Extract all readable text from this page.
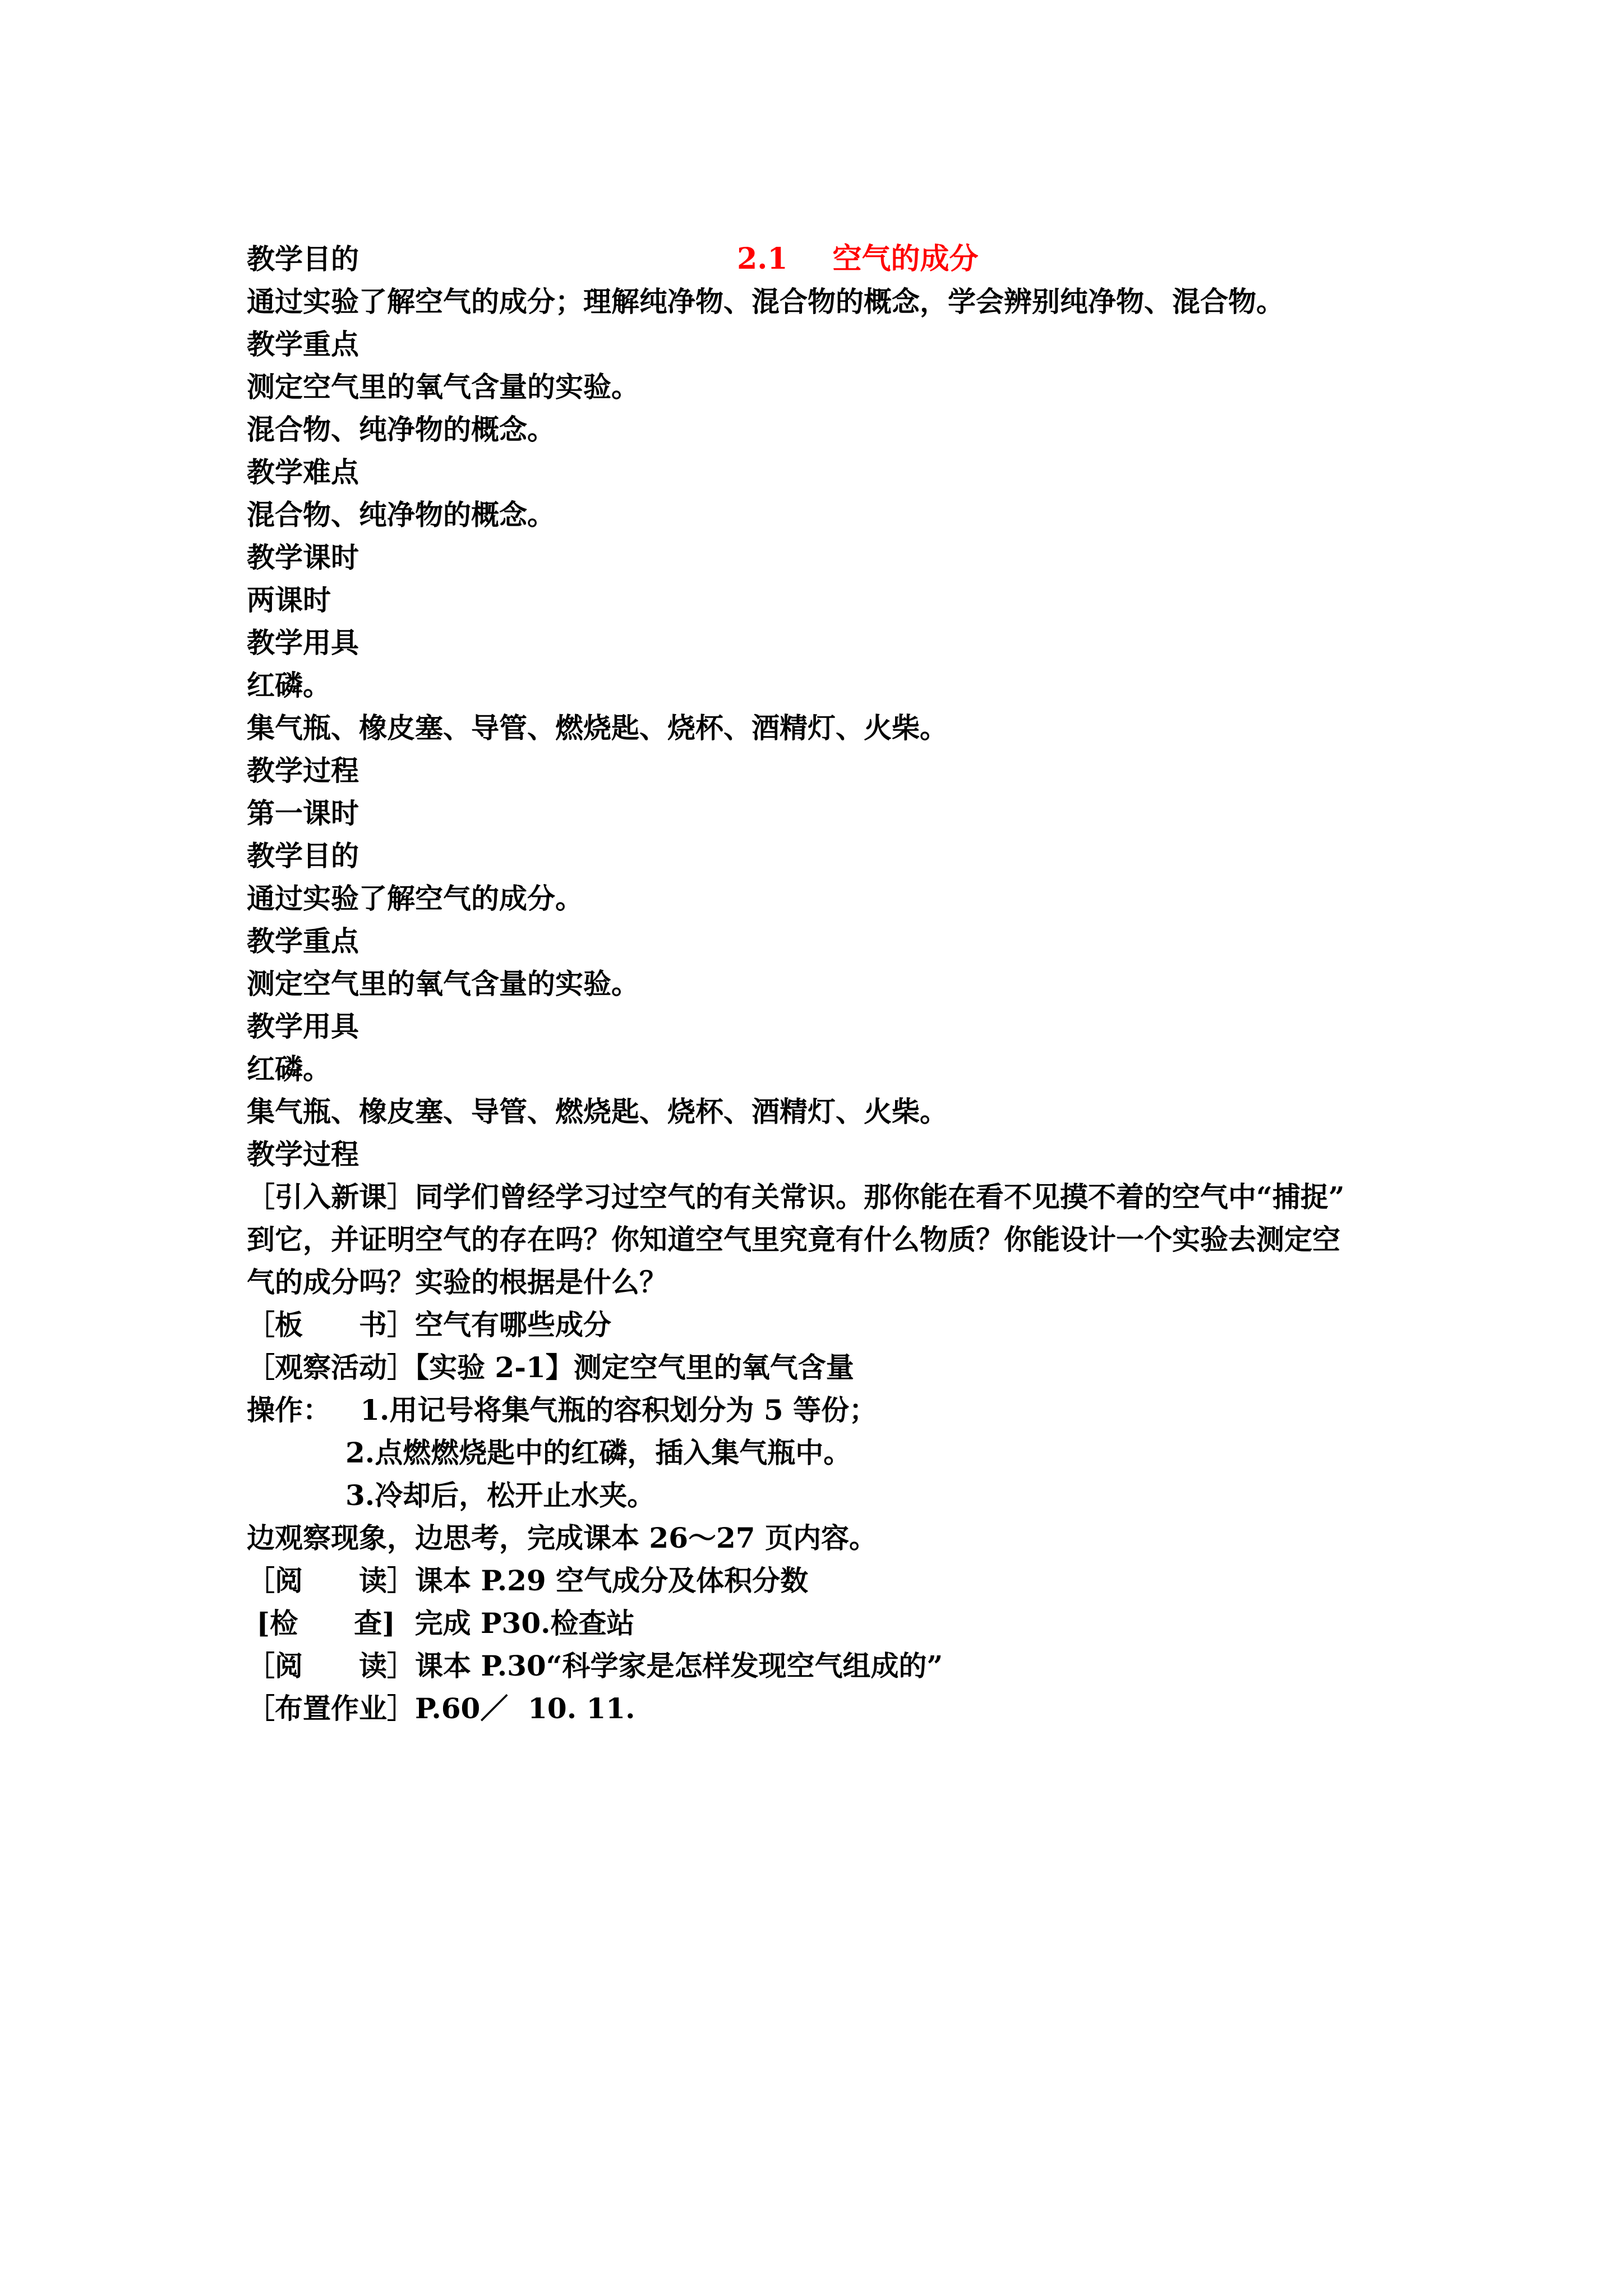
2.1 空气的成分

教学目的
通过实验了解空气的成分；理解纯净物、混合物的概念，学会辨别纯净物、混合物。
教学重点
测定空气里的氧气含量的实验。
混合物、纯净物的概念。
教学难点
混合物、纯净物的概念。
教学课时
两课时
教学用具
红磷。
集气瓶、橡皮塞、导管、燃烧匙、烧杯、酒精灯、火柴。
教学过程
第一课时
教学目的
通过实验了解空气的成分。
教学重点
测定空气里的氧气含量的实验。
教学用具
红磷。
集气瓶、橡皮塞、导管、燃烧匙、烧杯、酒精灯、火柴。
教学过程
［引入新课］同学们曾经学习过空气的有关常识。那你能在看不见摸不着的空气中“捕捉”
到它，并证明空气的存在吗？你知道空气里究竟有什么物质？你能设计一个实验去测定空
气的成分吗？实验的根据是什么？
［板　　书］空气有哪些成分
［观察活动］【实验 2-1】测定空气里的氧气含量
操作： 1.用记号将集气瓶的容积划分为 5 等份；
2.点燃燃烧匙中的红磷，插入集气瓶中。
3.冷却后，松开止水夹。
边观察现象，边思考，完成课本 26～27 页内容。
［阅　　读］课本 P.29 空气成分及体积分数
[检　　查]  完成 P30.检查站
［阅　　读］课本 P.30“科学家是怎样发现空气组成的”
［布置作业］P.60／  10. 11.
